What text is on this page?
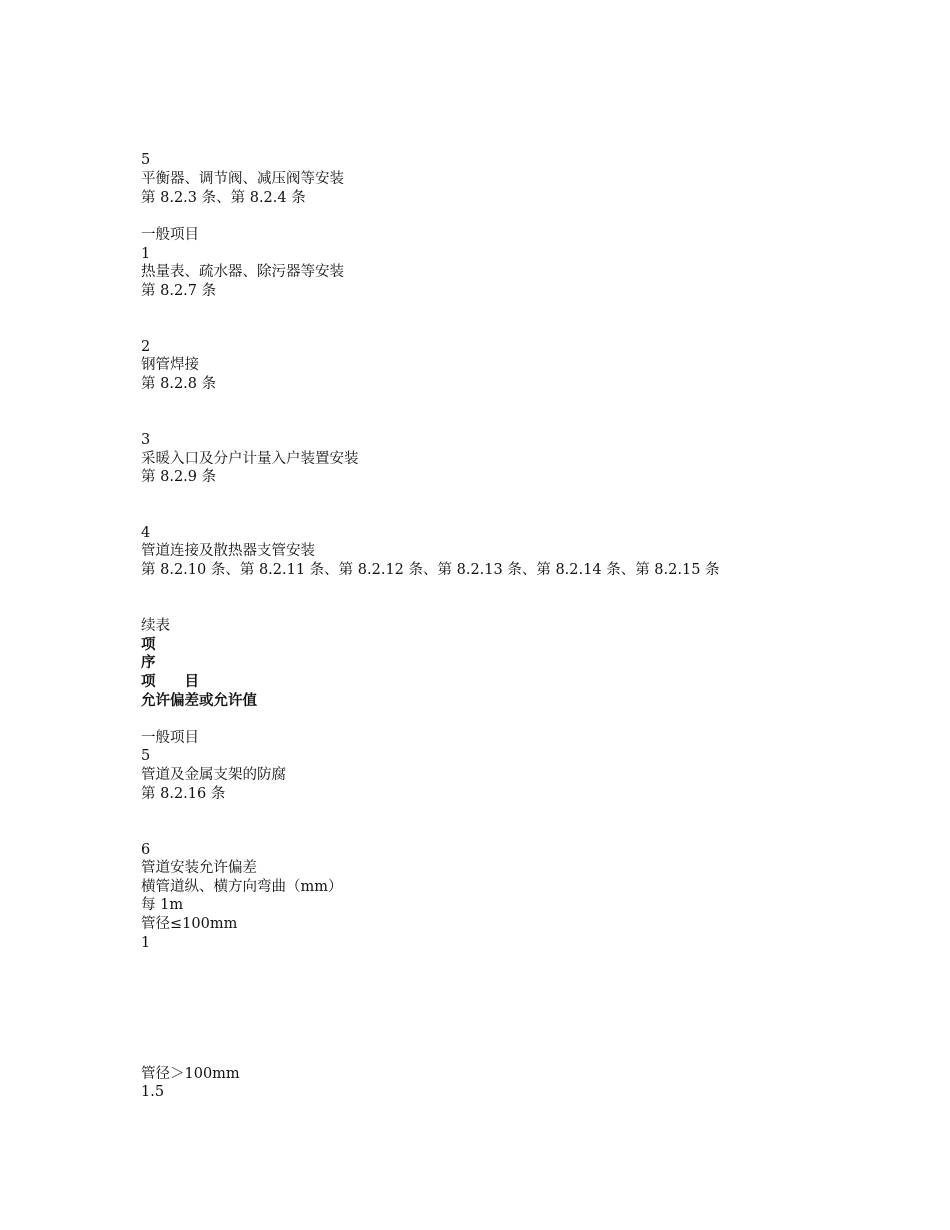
5
平衡器、调节阀、减压阀等安装
第 8.2.3 条、第 8.2.4 条
一般项目
1
热量表、疏水器、除污器等安装
第 8.2.7 条
2
钢管焊接
第 8.2.8 条
3
采暖入口及分户计量入户装置安装
第 8.2.9 条
4
管道连接及散热器支管安装
第 8.2.10 条、第 8.2.11 条、第 8.2.12 条、第 8.2.13 条、第 8.2.14 条、第 8.2.15 条
续表
项
序
项　　目
允许偏差或允许值
一般项目
5
管道及金属支架的防腐
第 8.2.16 条
6
管道安装允许偏差
横管道纵、横方向弯曲（mm）
每 1m
管径≤100mm
1
管径＞100mm
1.5
